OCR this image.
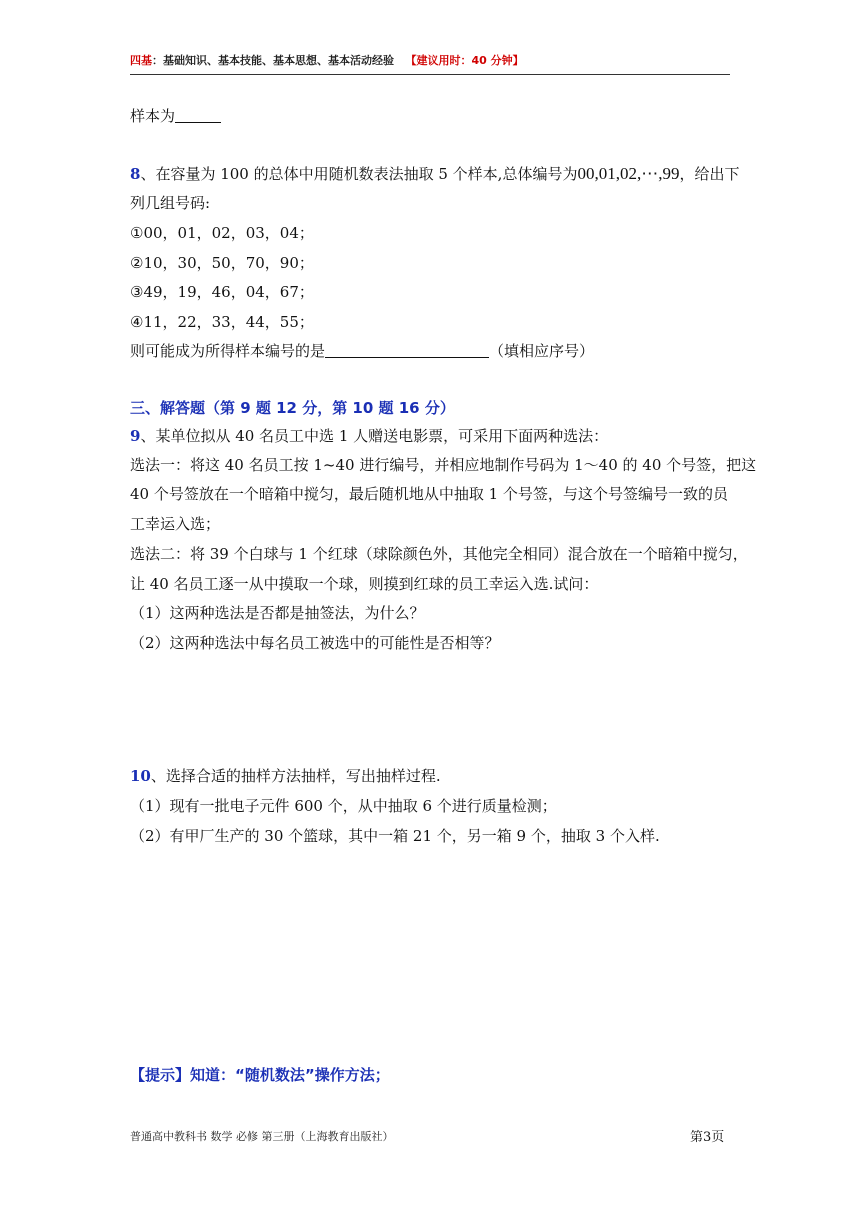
四基：基础知识、基本技能、基本思想、基本活动经验 【建议用时：40 分钟】
样本为
8、在容量为 100 的总体中用随机数表法抽取 5 个样本,总体编号为00,01,02,⋯,99，给出下
列几组号码:
①00，01，02，03，04；
②10，30，50，70，90；
③49，19，46，04，67；
④11，22，33，44，55；
则可能成为所得样本编号的是	（填相应序号）
三、解答题（第 9 题 12 分，第 10 题 16 分）
9、某单位拟从 40 名员工中选 1 人赠送电影票，可采用下面两种选法：
选法一：将这 40 名员工按 1~40 进行编号，并相应地制作号码为 1～40 的 40 个号签，把这
40 个号签放在一个暗箱中搅匀，最后随机地从中抽取 1 个号签，与这个号签编号一致的员
工幸运入选；
选法二：将 39 个白球与 1 个红球（球除颜色外，其他完全相同）混合放在一个暗箱中搅匀，
让 40 名员工逐一从中摸取一个球，则摸到红球的员工幸运入选.试问：
（1）这两种选法是否都是抽签法，为什么？
（2）这两种选法中每名员工被选中的可能性是否相等？
10、选择合适的抽样方法抽样，写出抽样过程.
（1）现有一批电子元件 600 个，从中抽取 6 个进行质量检测；
（2）有甲厂生产的 30 个篮球，其中一箱 21 个，另一箱 9 个，抽取 3 个入样.
【提示】知道：“随机数法”操作方法；
普通高中教科书 数学 必修 第三册（上海教育出版社）	第3页
